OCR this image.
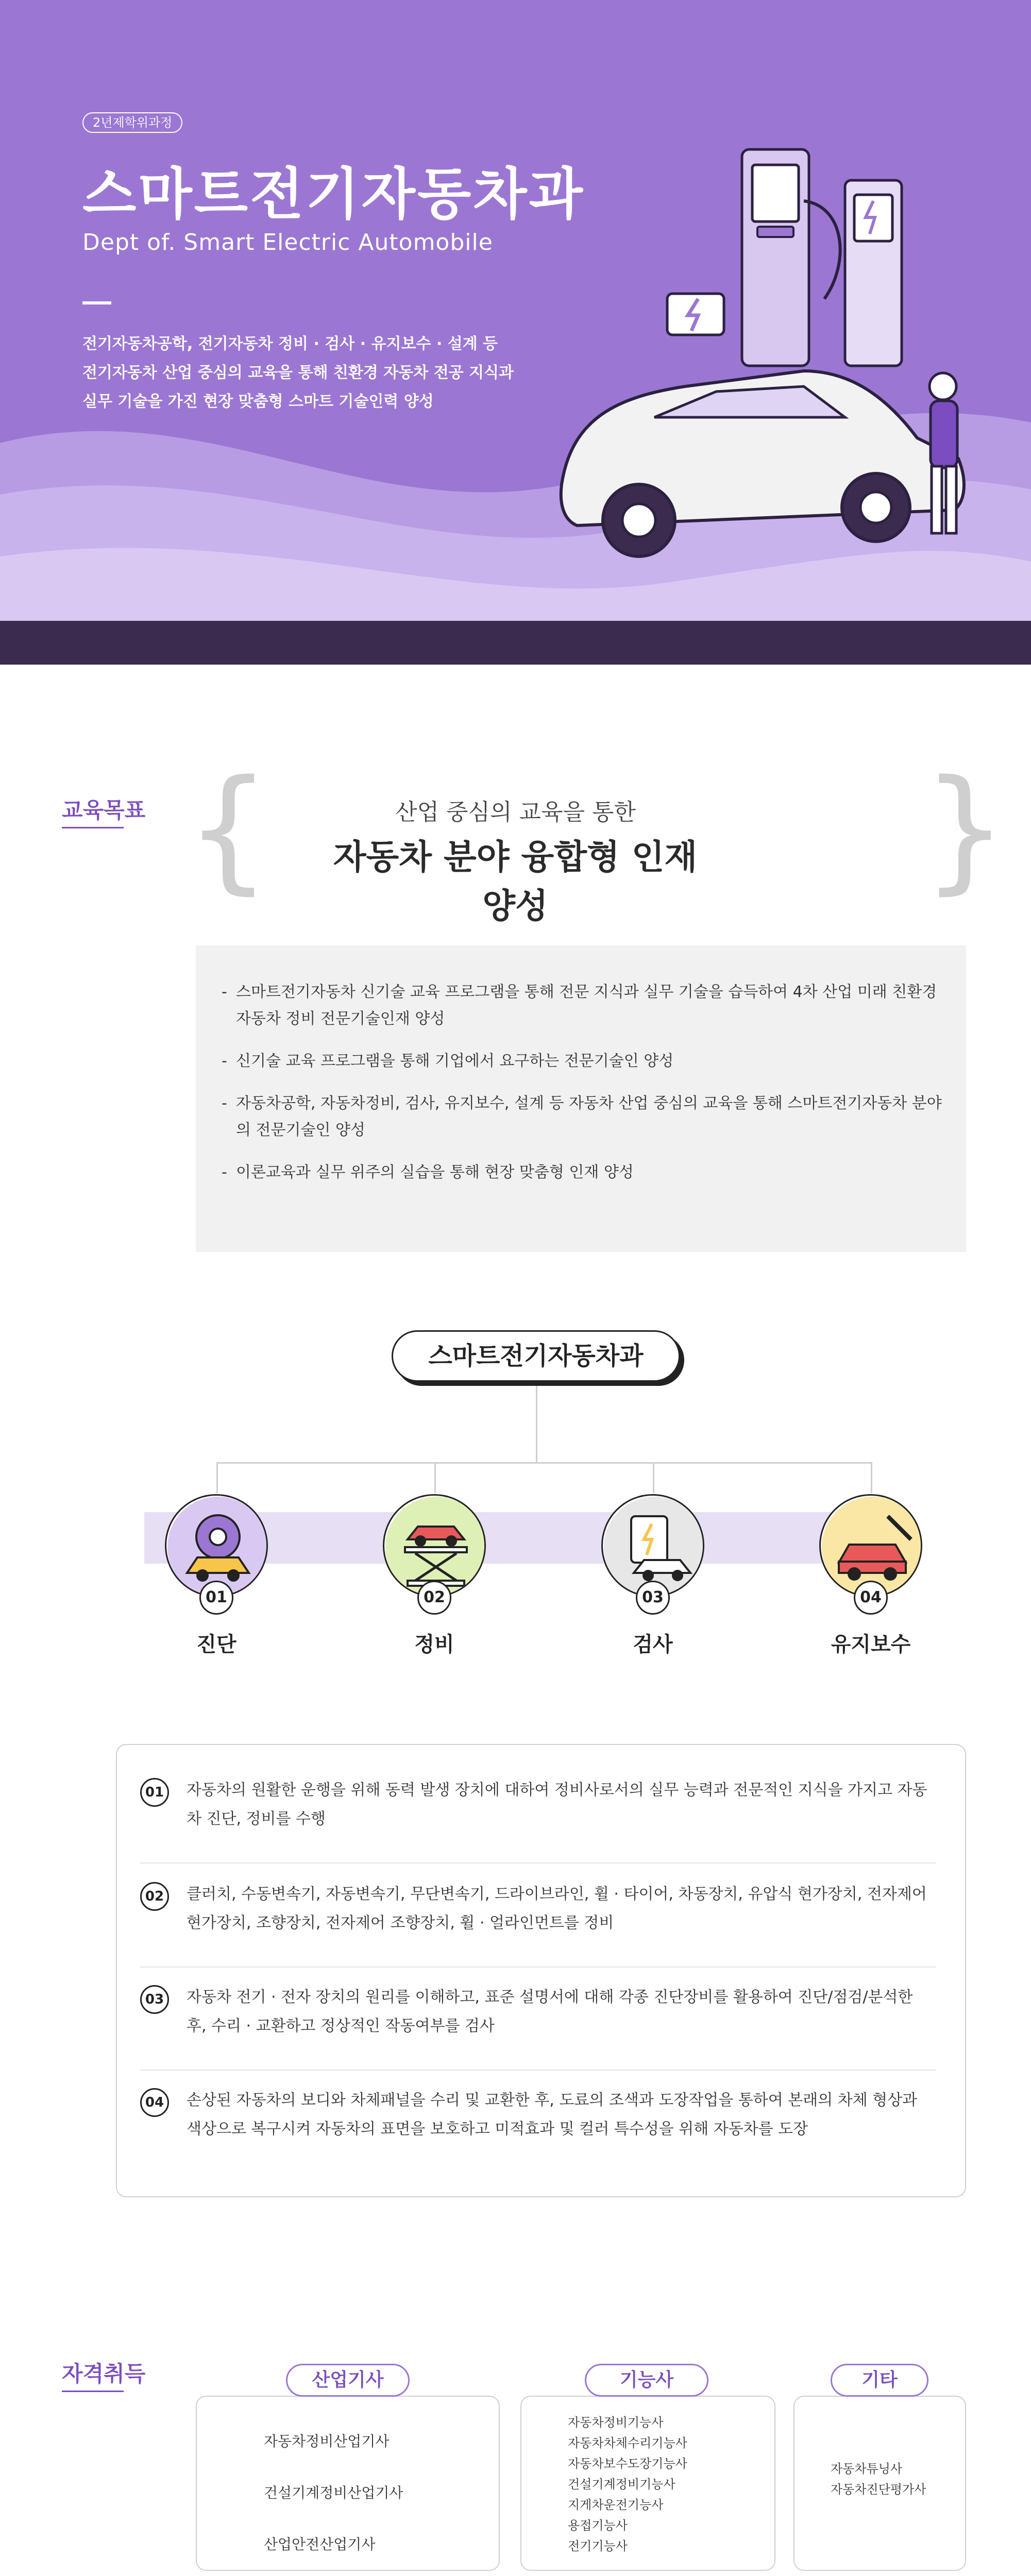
2년제학위과정
스마트전기자동차과
Dept of. Smart Electric Automobile

전기자동차공학, 전기자동차 정비 · 검사 · 유지보수 · 설계 등

전기자동차 산업 중심의 교육을 통해 친환경 자동차 전공 지식과

실무 기술을 가진 현장 맞춤형 스마트 기술인력 양성

교육목표 {	}
산업 중심의 교육을 통한
자동차 분야 융합형 인재 양성
- 스마트전기자동차 신기술 교육 프로그램을 통해 전문 지식과 실무 기술을 습득하여 4차 산업 미래 친환경 자동차 정비 전문기술인재 양성
- 신기술 교육 프로그램을 통해 기업에서 요구하는 전문기술인 양성
- 자동차공학, 자동차정비, 검사, 유지보수, 설계 등 자동차 산업 중심의 교육을 통해 스마트전기자동차 분야의 전문기술인 양성
- 이론교육과 실무 위주의 실습을 통해 현장 맞춤형 인재 양성
스마트전기자동차과
01	02	03	04
진단	정비	검사	유지보수
01	자동차의 원활한 운행을 위해 동력 발생 장치에 대하여 정비사로서의 실무 능력과 전문적인 지식을 가지고 자동차 진단, 정비를 수행

02	클러치, 수동변속기, 자동변속기, 무단변속기, 드라이브라인, 휠 · 타이어, 차동장치, 유압식 현가장치, 전자제어 현가장치, 조향장치, 전자제어 조향장치, 휠 · 얼라인먼트를 정비

03	자동차 전기 · 전자 장치의 원리를 이해하고, 표준 설명서에 대해 각종 진단장비를 활용하여 진단/점검/분석한 후, 수리 · 교환하고 정상적인 작동여부를 검사

04	손상된 자동차의 보디와 차체패널을 수리 및 교환한 후, 도료의 조색과 도장작업을 통하여 본래의 차체 형상과 색상으로 복구시켜 자동차의 표면을 보호하고 미적효과 및 컬러 특수성을 위해 자동차를 도장

자격취득
자동차정비산업기사
건설기계정비산업기사
산업안전산업기사
산업기사
자동차정비기능사
자동차차체수리기능사
자동차보수도장기능사
건설기계정비기능사
지게차운전기능사
용접기능사
전기기능사
기능사
자동차튜닝사
자동차진단평가사
기타
